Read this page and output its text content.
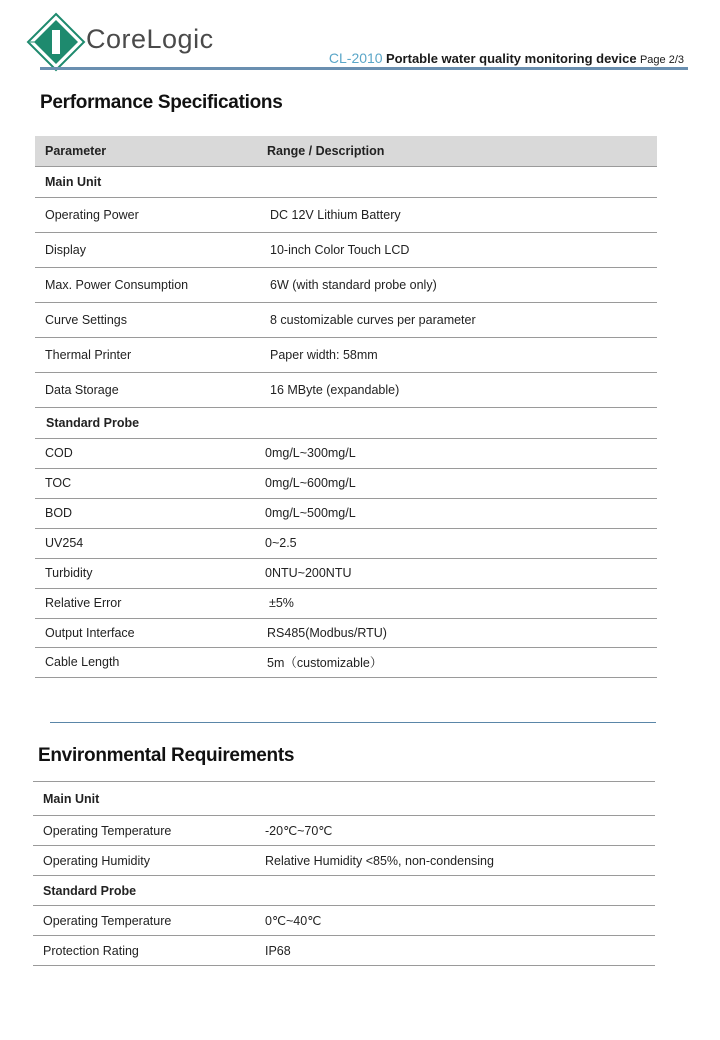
CoreLogic
CL-2010 Portable water quality monitoring device Page 2/3
Performance Specifications
Parameter	Range / Description
Main Unit	
Operating Power	DC 12V Lithium Battery
Display	10-inch Color Touch LCD
Max. Power Consumption	6W (with standard probe only)
Curve Settings	8 customizable curves per parameter
Thermal Printer	Paper width: 58mm
Data Storage	16 MByte (expandable)
Standard Probe	
COD	0mg/L~300mg/L
TOC	0mg/L~600mg/L
BOD	0mg/L~500mg/L
UV254	0~2.5
Turbidity	0NTU~200NTU
Relative Error	±5%
Output Interface	RS485(Modbus/RTU)
Cable Length	5m（customizable）
Environmental Requirements
Main Unit	
Operating Temperature	-20℃~70℃
Operating Humidity	Relative Humidity <85%, non-condensing
Standard Probe	
Operating Temperature	0℃~40℃
Protection Rating	IP68
